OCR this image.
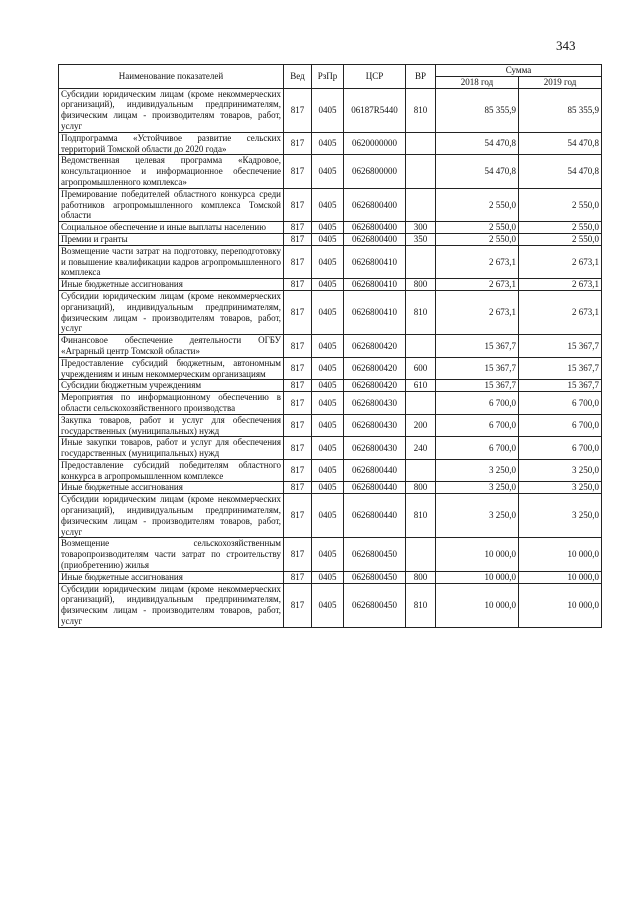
343
Наименование показателей	Вед	РзПр	ЦСР	ВР	Сумма	
					2018 год	2019 год
Субсидии юридическим лицам (кроме некоммерческих организаций), индивидуальным предпринимателям, физическим лицам - производителям товаров, работ, услуг	817	0405	06187R5440	810	85 355,9	85 355,9
Подпрограмма «Устойчивое развитие сельских территорий Томской области до 2020 года»	817	0405	0620000000		54 470,8	54 470,8
Ведомственная целевая программа «Кадровое, консультационное и информационное обеспечение агропромышленного комплекса»	817	0405	0626800000		54 470,8	54 470,8
Премирование победителей областного конкурса среди работников агропромышленного комплекса Томской области	817	0405	0626800400		2 550,0	2 550,0
Социальное обеспечение и иные выплаты населению	817	0405	0626800400	300	2 550,0	2 550,0
Премии и гранты	817	0405	0626800400	350	2 550,0	2 550,0
Возмещение части затрат на подготовку, переподготовку и повышение квалификации кадров агропромышленного комплекса	817	0405	0626800410		2 673,1	2 673,1
Иные бюджетные ассигнования	817	0405	0626800410	800	2 673,1	2 673,1
Субсидии юридическим лицам (кроме некоммерческих организаций), индивидуальным предпринимателям, физическим лицам - производителям товаров, работ, услуг	817	0405	0626800410	810	2 673,1	2 673,1
Финансовое обеспечение деятельности ОГБУ «Аграрный центр Томской области»	817	0405	0626800420		15 367,7	15 367,7
Предоставление субсидий бюджетным, автономным учреждениям и иным некоммерческим организациям	817	0405	0626800420	600	15 367,7	15 367,7
Субсидии бюджетным учреждениям	817	0405	0626800420	610	15 367,7	15 367,7
Мероприятия по информационному обеспечению в области сельскохозяйственного производства	817	0405	0626800430		6 700,0	6 700,0
Закупка товаров, работ и услуг для обеспечения государственных (муниципальных) нужд	817	0405	0626800430	200	6 700,0	6 700,0
Иные закупки товаров, работ и услуг для обеспечения государственных (муниципальных) нужд	817	0405	0626800430	240	6 700,0	6 700,0
Предоставление субсидий победителям областного конкурса в агропромышленном комплексе	817	0405	0626800440		3 250,0	3 250,0
Иные бюджетные ассигнования	817	0405	0626800440	800	3 250,0	3 250,0
Субсидии юридическим лицам (кроме некоммерческих организаций), индивидуальным предпринимателям, физическим лицам - производителям товаров, работ, услуг	817	0405	0626800440	810	3 250,0	3 250,0
Возмещение сельскохозяйственным товаропроизводителям части затрат по строительству (приобретению) жилья	817	0405	0626800450		10 000,0	10 000,0
Иные бюджетные ассигнования	817	0405	0626800450	800	10 000,0	10 000,0
Субсидии юридическим лицам (кроме некоммерческих организаций), индивидуальным предпринимателям, физическим лицам - производителям товаров, работ, услуг	817	0405	0626800450	810	10 000,0	10 000,0
